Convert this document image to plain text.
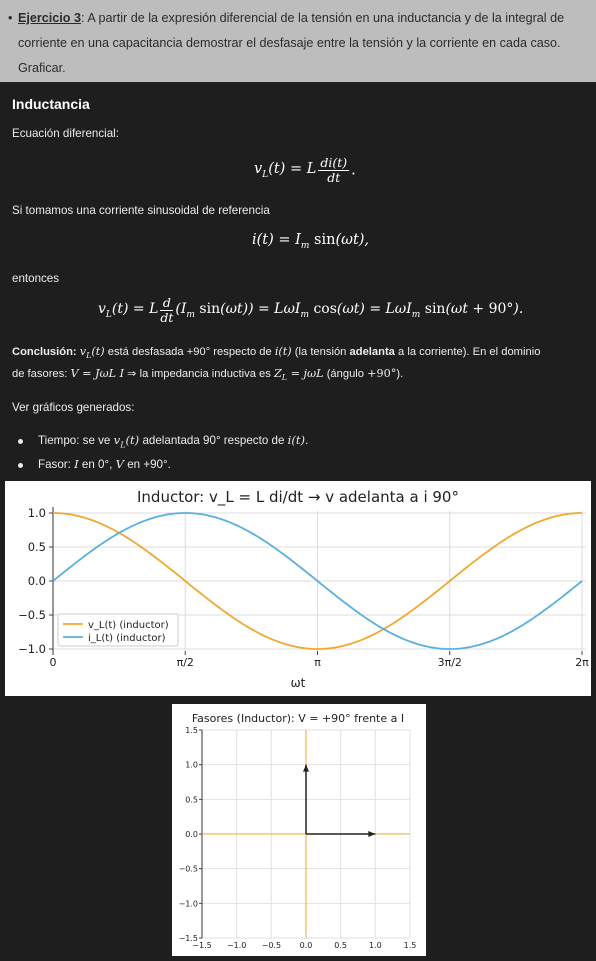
• Ejercicio 3: A partir de la expresión diferencial de la tensión en una inductancia y de la integral de
corriente en una capacitancia demostrar el desfasaje entre la tensión y la corriente en cada caso.
Graficar.
Inductancia
Ecuación diferencial:
$v_L(t) = L \frac{di(t)}{dt}$ .
Si tomamos una corriente sinusoidal de referencia
$i(t) = I_m$ sin(ωt),
entonces
$v_L(t) = L \frac{d}{dt} (I_m$ sin(ωt)) = LωI$_m$ cos(ωt) = LωI$_m$ sin(ωt + 90°).
Conclusión: $v_L(t)$ está desfasada +90° respecto de i(t) (la tensión adelanta a la corriente). En el dominio
de fasores: V = JωL I ⇒ la impedancia inductiva es $Z_L = j\omega L$ (ángulo +90°).
Ver gráficos generados:
Tiempo: se ve $v_L(t)$ adelantada 90° respecto de i(t).
Fasor: I en 0°, V en +90°.
Inductor: v_L = L di/dt → v adelanta a i 90°
0	π/2	π	3π/2	2π
1.0
0.5
0.0
−0.5
−1.0
ωt
v_L(t) (inductor)
i_L(t) (inductor)
Fasores (Inductor): V = +90° frente a I
−1.5 −1.0 −0.5 0.0	0.5	1.0	1.5
1.5
1.0
0.5
0.0
−0.5
−1.0
−1.5
